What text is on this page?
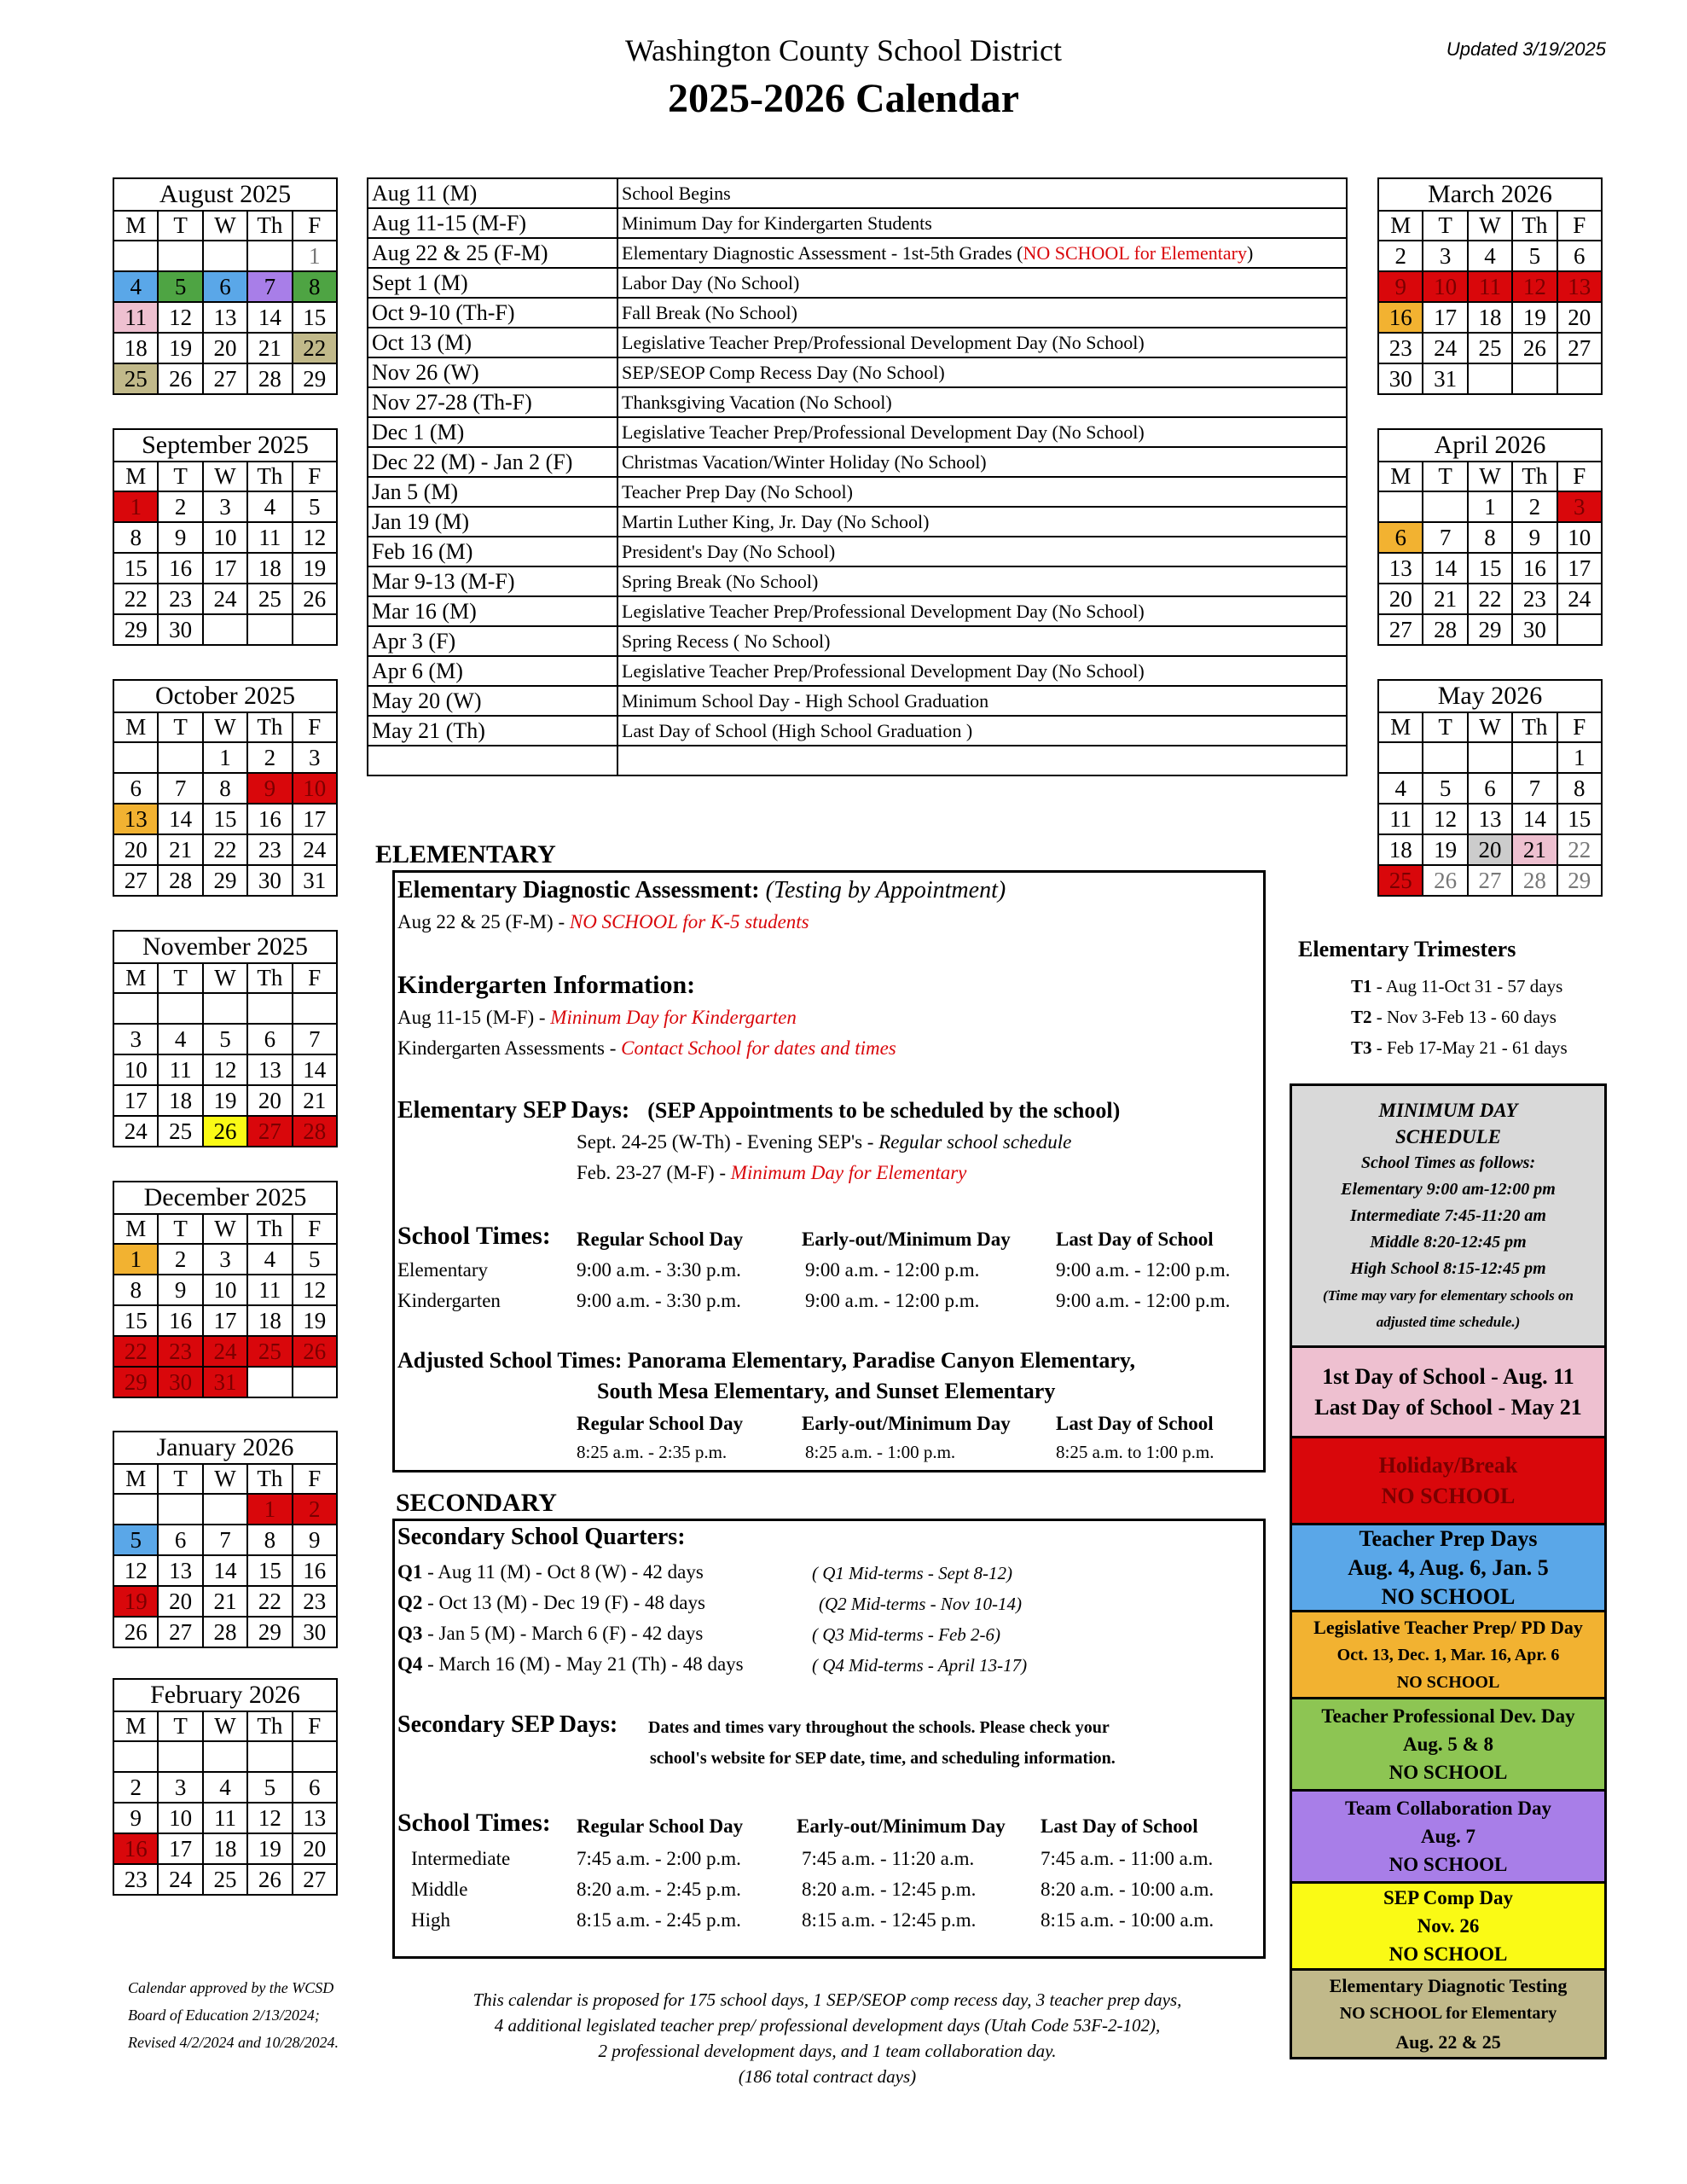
Washington County School District
2025-2026 Calendar
Updated 3/19/2025
August 2025				
M	T	W	Th	F
				1
4	5	6	7	8
11	12	13	14	15
18	19	20	21	22
25	26	27	28	29
September 2025				
M	T	W	Th	F
1	2	3	4	5
8	9	10	11	12
15	16	17	18	19
22	23	24	25	26
29	30			
October 2025				
M	T	W	Th	F
		1	2	3
6	7	8	9	10
13	14	15	16	17
20	21	22	23	24
27	28	29	30	31
November 2025				
M	T	W	Th	F

3	4	5	6	7
10	11	12	13	14
17	18	19	20	21
24	25	26	27	28
December 2025				
M	T	W	Th	F
1	2	3	4	5
8	9	10	11	12
15	16	17	18	19
22	23	24	25	26
29	30	31		
January 2026				
M	T	W	Th	F
			1	2
5	6	7	8	9
12	13	14	15	16
19	20	21	22	23
26	27	28	29	30
February 2026				
M	T	W	Th	F

2	3	4	5	6
9	10	11	12	13
16	17	18	19	20
23	24	25	26	27
March 2026				
M	T	W	Th	F
2	3	4	5	6
9	10	11	12	13
16	17	18	19	20
23	24	25	26	27
30	31			
April 2026				
M	T	W	Th	F
		1	2	3
6	7	8	9	10
13	14	15	16	17
20	21	22	23	24
27	28	29	30	
May 2026				
M	T	W	Th	F
				1
4	5	6	7	8
11	12	13	14	15
18	19	20	21	22
25	26	27	28	29
Aug 11 (M)	School Begins
Aug 11-15 (M-F)	Minimum Day for Kindergarten Students
Aug 22 & 25 (F-M)	Elementary Diagnostic Assessment - 1st-5th Grades (NO SCHOOL for Elementary)
Sept 1 (M)	Labor Day (No School)
Oct 9-10 (Th-F)	Fall Break (No School)
Oct 13 (M)	Legislative Teacher Prep/Professional Development Day (No School)
Nov 26 (W)	SEP/SEOP Comp Recess Day (No School)
Nov 27-28 (Th-F)	Thanksgiving Vacation (No School)
Dec 1 (M)	Legislative Teacher Prep/Professional Development Day (No School)
Dec 22 (M) - Jan 2 (F)	Christmas Vacation/Winter Holiday (No School)
Jan 5 (M)	Teacher Prep Day (No School)
Jan 19 (M)	Martin Luther King, Jr. Day (No School)
Feb 16 (M)	President's Day (No School)
Mar 9-13 (M-F)	Spring Break (No School)
Mar 16 (M)	Legislative Teacher Prep/Professional Development Day (No School)
Apr 3 (F)	Spring Recess ( No School)
Apr 6 (M)	Legislative Teacher Prep/Professional Development Day (No School)
May 20 (W)	Minimum School Day - High School Graduation
May 21 (Th)	Last Day of School (High School Graduation )

ELEMENTARY
Elementary Diagnostic Assessment: (Testing by Appointment)
Aug 22 & 25 (F-M) - NO SCHOOL for K-5 students
Kindergarten Information:
Aug 11-15 (M-F) - Mininum Day for Kindergarten
Kindergarten Assessments - Contact School for dates and times
Elementary SEP Days: (SEP Appointments to be scheduled by the school)
Sept. 24-25 (W-Th) - Evening SEP's - Regular school schedule
Feb. 23-27 (M-F) - Minimum Day for Elementary
School Times: Regular School Day	Early-out/Minimum Day Last Day of School
Elementary	9:00 a.m. - 3:30 p.m.	9:00 a.m. - 12:00 p.m.	9:00 a.m. - 12:00 p.m.
Kindergarten	9:00 a.m. - 3:30 p.m.	9:00 a.m. - 12:00 p.m.	9:00 a.m. - 12:00 p.m.
Adjusted School Times: Panorama Elementary, Paradise Canyon Elementary,
South Mesa Elementary, and Sunset Elementary
Regular School Day	Early-out/Minimum Day Last Day of School
8:25 a.m. - 2:35 p.m.	8:25 a.m. - 1:00 p.m.	8:25 a.m. to 1:00 p.m.
SECONDARY
Secondary School Quarters:
Q1 - Aug 11 (M) - Oct 8 (W) - 42 days	( Q1 Mid-terms - Sept 8-12)
Q2 - Oct 13 (M) - Dec 19 (F) - 48 days	(Q2 Mid-terms - Nov 10-14)
Q3 - Jan 5 (M) - March 6 (F) - 42 days	( Q3 Mid-terms - Feb 2-6)
Q4 - March 16 (M) - May 21 (Th) - 48 days	( Q4 Mid-terms - April 13-17)
Secondary SEP Days: Dates and times vary throughout the schools. Please check your
school's website for SEP date, time, and scheduling information.
School Times: Regular School Day	Early-out/Minimum Day Last Day of School
Intermediate	7:45 a.m. - 2:00 p.m.	7:45 a.m. - 11:20 a.m.	7:45 a.m. - 11:00 a.m.
Middle	8:20 a.m. - 2:45 p.m.	8:20 a.m. - 12:45 p.m.	8:20 a.m. - 10:00 a.m.
High	8:15 a.m. - 2:45 p.m.	8:15 a.m. - 12:45 p.m.	8:15 a.m. - 10:00 a.m.
Elementary Trimesters
T1 - Aug 11-Oct 31 - 57 days
T2 - Nov 3-Feb 13 - 60 days
T3 - Feb 17-May 21 - 61 days
MINIMUM DAY
SCHEDULE
School Times as follows:
Elementary 9:00 am-12:00 pm
Intermediate 7:45-11:20 am
Middle 8:20-12:45 pm
High School 8:15-12:45 pm
(Time may vary for elementary schools on
adjusted time schedule.)
1st Day of School - Aug. 11
Last Day of School - May 21
Holiday/Break
NO SCHOOL
Teacher Prep Days
Aug. 4, Aug. 6, Jan. 5
NO SCHOOL
Legislative Teacher Prep/ PD Day
Oct. 13, Dec. 1, Mar. 16, Apr. 6
NO SCHOOL
Teacher Professional Dev. Day
Aug. 5 & 8
NO SCHOOL
Team Collaboration Day
Aug. 7
NO SCHOOL
SEP Comp Day
Nov. 26
NO SCHOOL
Elementary Diagnotic Testing
NO SCHOOL for Elementary
Aug. 22 & 25
Calendar approved by the WCSD
Board of Education 2/13/2024;
Revised 4/2/2024 and 10/28/2024.
This calendar is proposed for 175 school days, 1 SEP/SEOP comp recess day, 3 teacher prep days,
4 additional legislated teacher prep/ professional development days (Utah Code 53F-2-102),
2 professional development days, and 1 team collaboration day.
(186 total contract days)
